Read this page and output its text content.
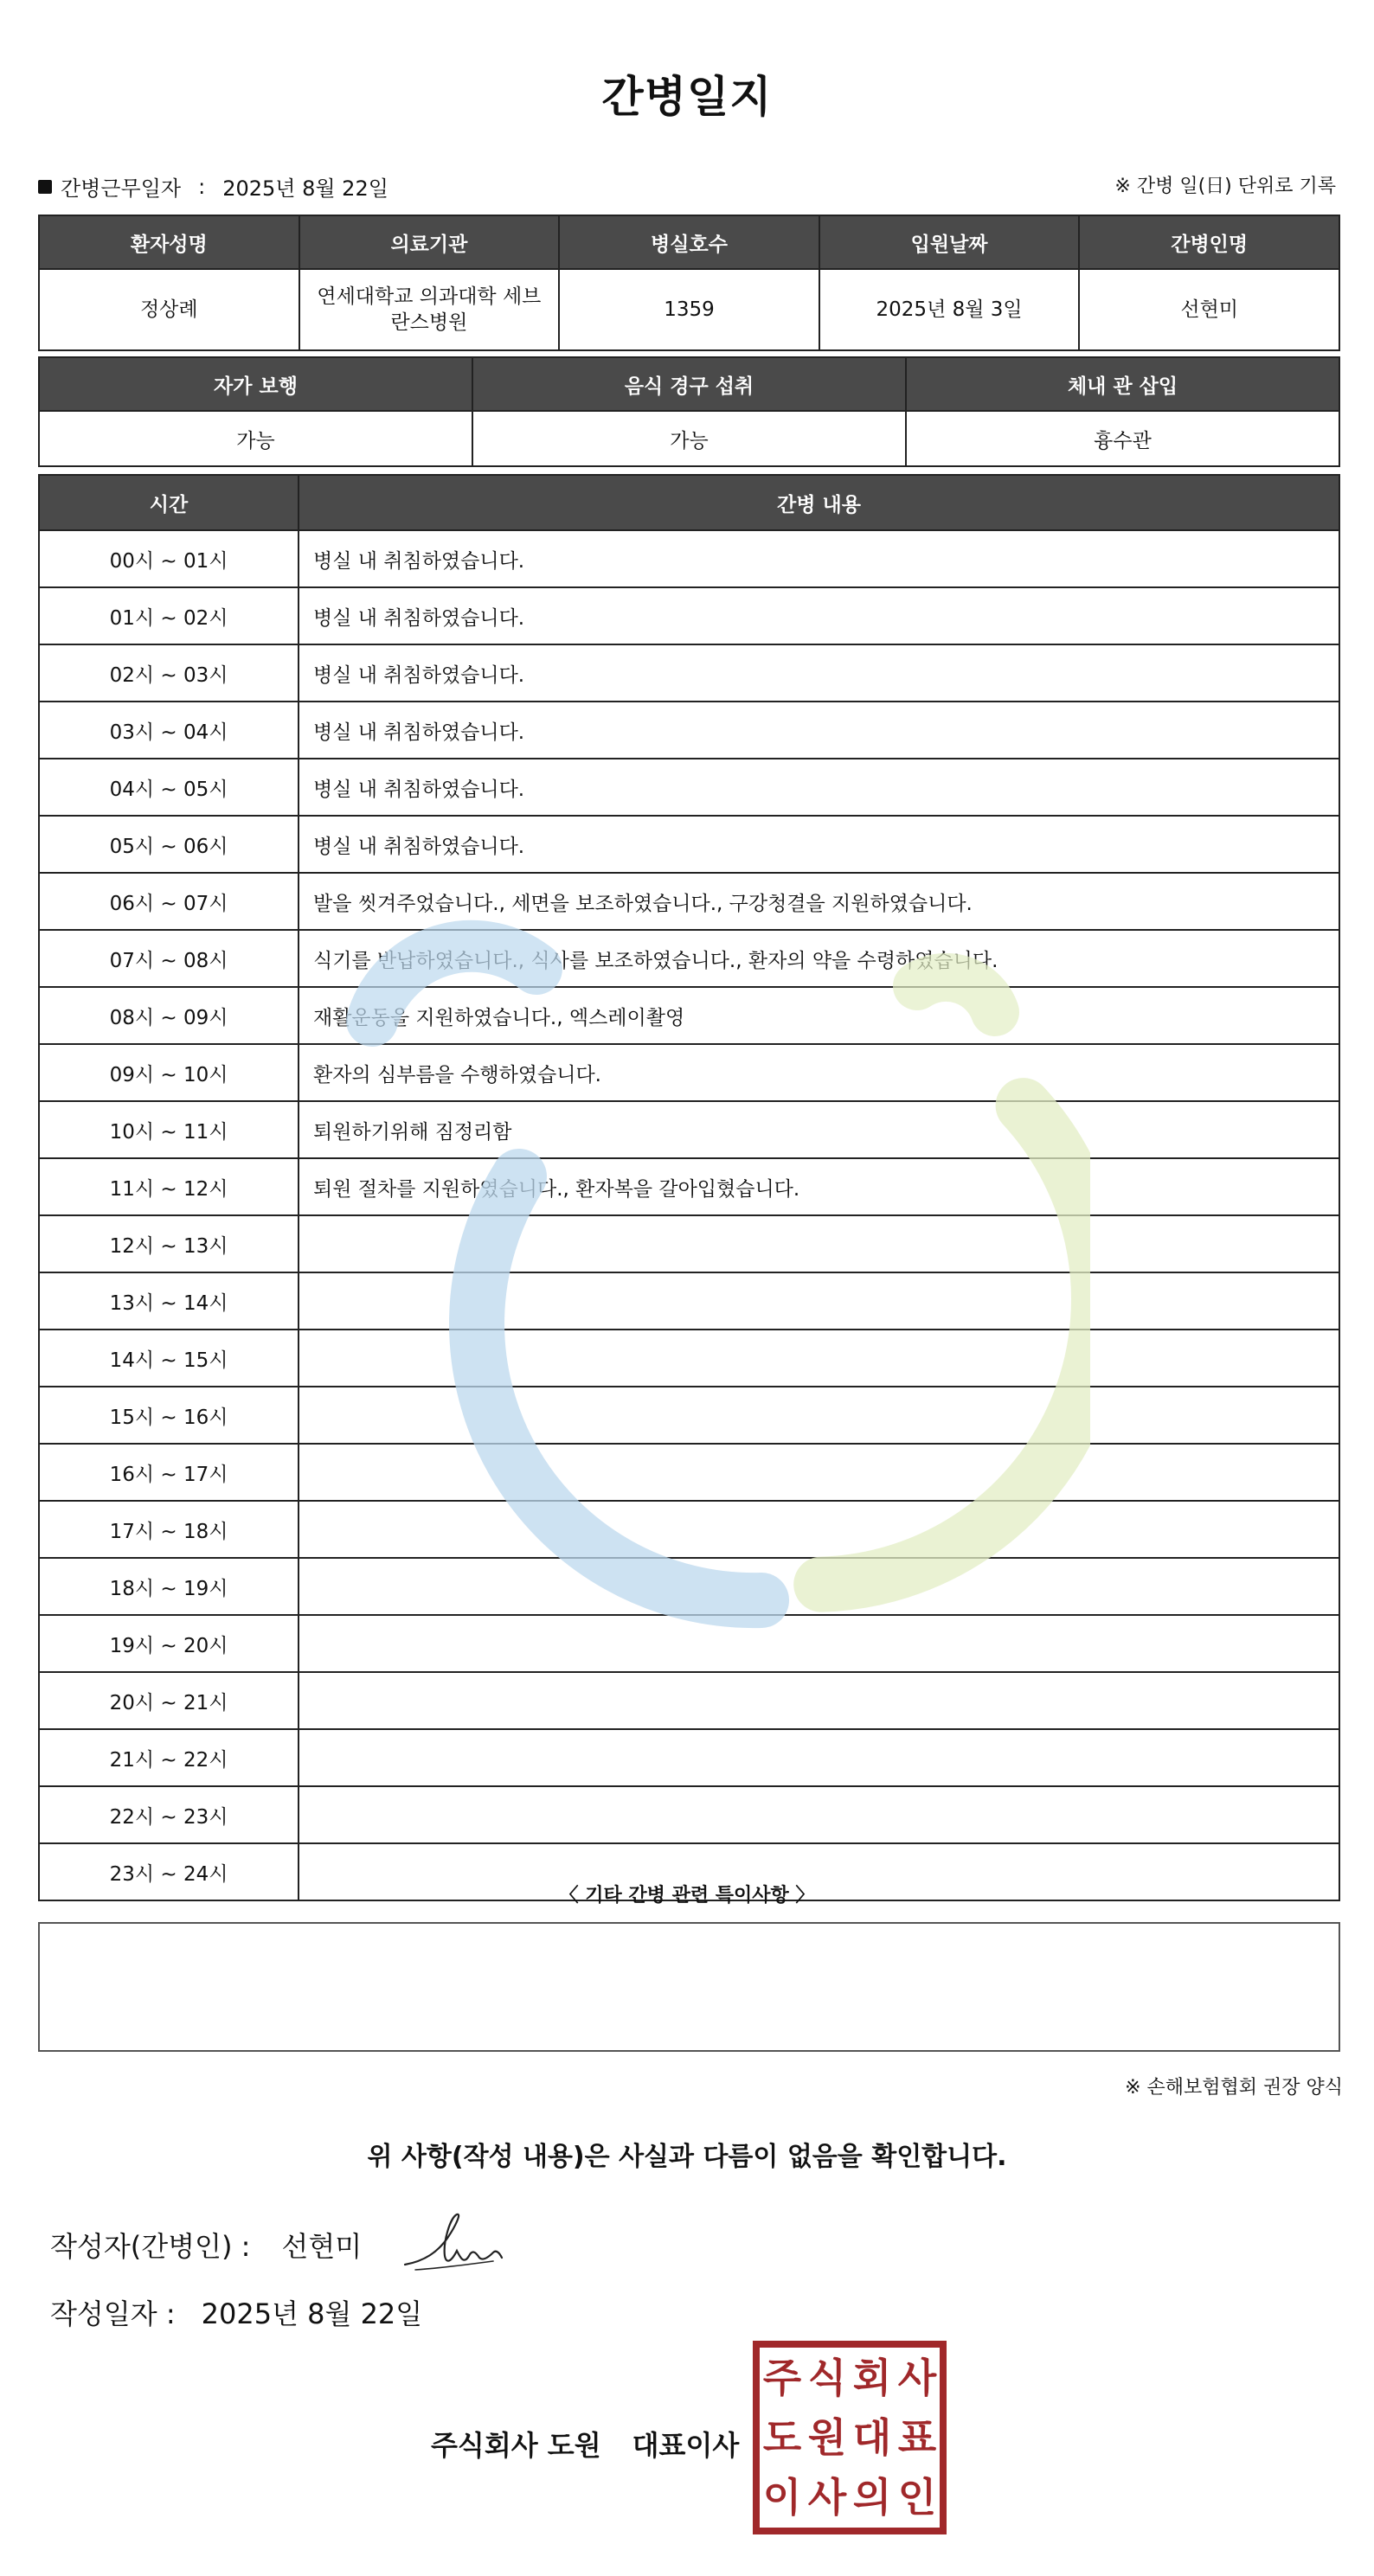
간병일지
간병근무일자 : 2025년 8월 22일	※ 간병 일(日) 단위로 기록
환자성명	의료기관	병실호수	입원날짜	간병인명
정상례	연세대학교 의과대학 세브란스병원	1359	2025년 8월 3일	선현미
자가 보행	음식 경구 섭취	체내 관 삽입
가능	가능	흉수관
시간	간병 내용
00시 ~ 01시	병실 내 취침하였습니다.
01시 ~ 02시	병실 내 취침하였습니다.
02시 ~ 03시	병실 내 취침하였습니다.
03시 ~ 04시	병실 내 취침하였습니다.
04시 ~ 05시	병실 내 취침하였습니다.
05시 ~ 06시	병실 내 취침하였습니다.
06시 ~ 07시	발을 씻겨주었습니다., 세면을 보조하였습니다., 구강청결을 지원하였습니다.
07시 ~ 08시	식기를 반납하였습니다., 식사를 보조하였습니다., 환자의 약을 수령하였습니다.
08시 ~ 09시	재활운동을 지원하였습니다., 엑스레이촬영
09시 ~ 10시	환자의 심부름을 수행하였습니다.
10시 ~ 11시	퇴원하기위해 짐정리함
11시 ~ 12시	퇴원 절차를 지원하였습니다., 환자복을 갈아입혔습니다.
12시 ~ 13시	
13시 ~ 14시	
14시 ~ 15시	
15시 ~ 16시	
16시 ~ 17시	
17시 ~ 18시	
18시 ~ 19시	
19시 ~ 20시	
20시 ~ 21시	
21시 ~ 22시	
22시 ~ 23시	
23시 ~ 24시	
〈 기타 간병 관련 특이사항 〉
※ 손해보험협회 권장 양식
위 사항(작성 내용)은 사실과 다름이 없음을 확인합니다.
작성자(간병인) : 선현미
작성일자 : 2025년 8월 22일
주식회사 도원 대표이사
주 식 회 사
도 원 대 표
이 사 의 인
